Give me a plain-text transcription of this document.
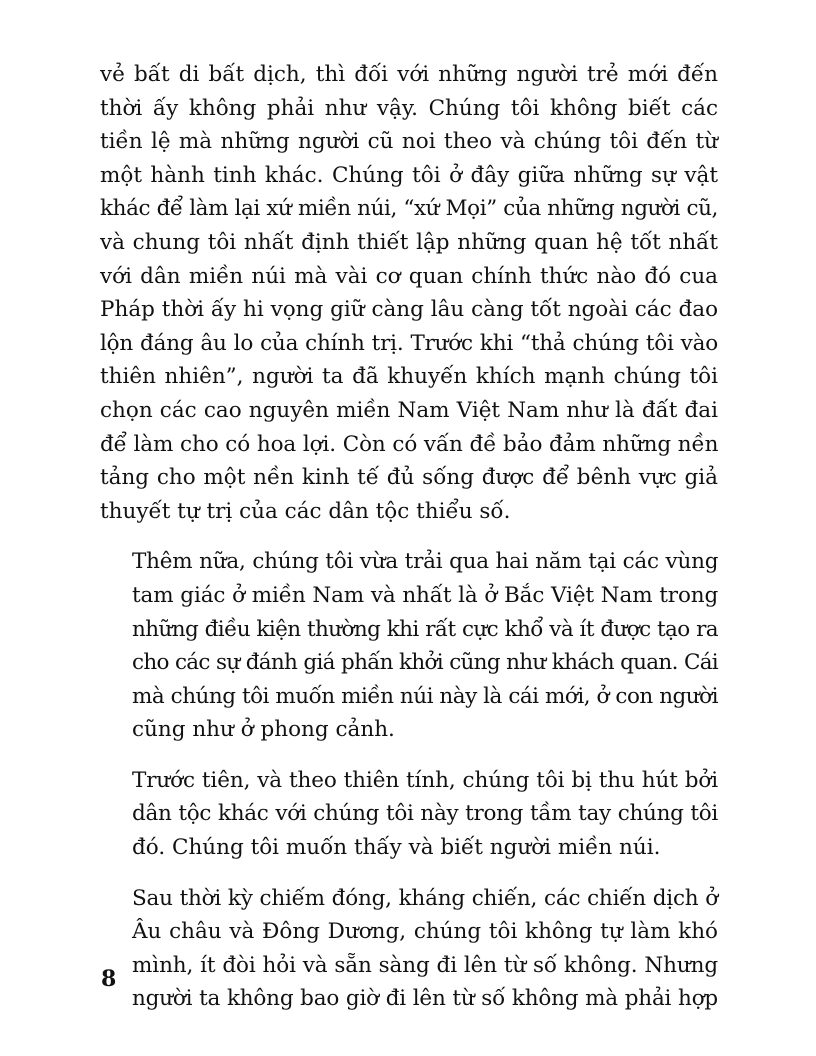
vẻ bất di bất dịch, thì đối với những người trẻ mới đến
thời ấy không phải như vậy. Chúng tôi không biết các
tiền lệ mà những người cũ noi theo và chúng tôi đến từ
một hành tinh khác. Chúng tôi ở đây giữa những sự vật
khác để làm lại xứ miền núi, “xứ Mọi” của những người cũ,
và chung tôi nhất định thiết lập những quan hệ tốt nhất
với dân miền núi mà vài cơ quan chính thức nào đó cua
Pháp thời ấy hi vọng giữ càng lâu càng tốt ngoài các đao
lộn đáng âu lo của chính trị. Trước khi “thả chúng tôi vào
thiên nhiên”, người ta đã khuyến khích mạnh chúng tôi
chọn các cao nguyên miền Nam Việt Nam như là đất đai
để làm cho có hoa lợi. Còn có vấn đề bảo đảm những nền
tảng cho một nền kinh tế đủ sống được để bênh vực giả
thuyết tự trị của các dân tộc thiểu số.

Thêm nữa, chúng tôi vừa trải qua hai năm tại các vùng
tam giác ở miền Nam và nhất là ở Bắc Việt Nam trong
những điều kiện thường khi rất cực khổ và ít được tạo ra
cho các sự đánh giá phấn khởi cũng như khách quan. Cái
mà chúng tôi muốn miền núi này là cái mới, ở con người
cũng như ở phong cảnh.

Trước tiên, và theo thiên tính, chúng tôi bị thu hút bởi
dân tộc khác với chúng tôi này trong tầm tay chúng tôi
đó. Chúng tôi muốn thấy và biết người miền núi.

Sau thời kỳ chiếm đóng, kháng chiến, các chiến dịch ở
Âu châu và Đông Dương, chúng tôi không tự làm khó
mình, ít đòi hỏi và sẵn sàng đi lên từ số không. Nhưng
người ta không bao giờ đi lên từ số không mà phải hợp

8
